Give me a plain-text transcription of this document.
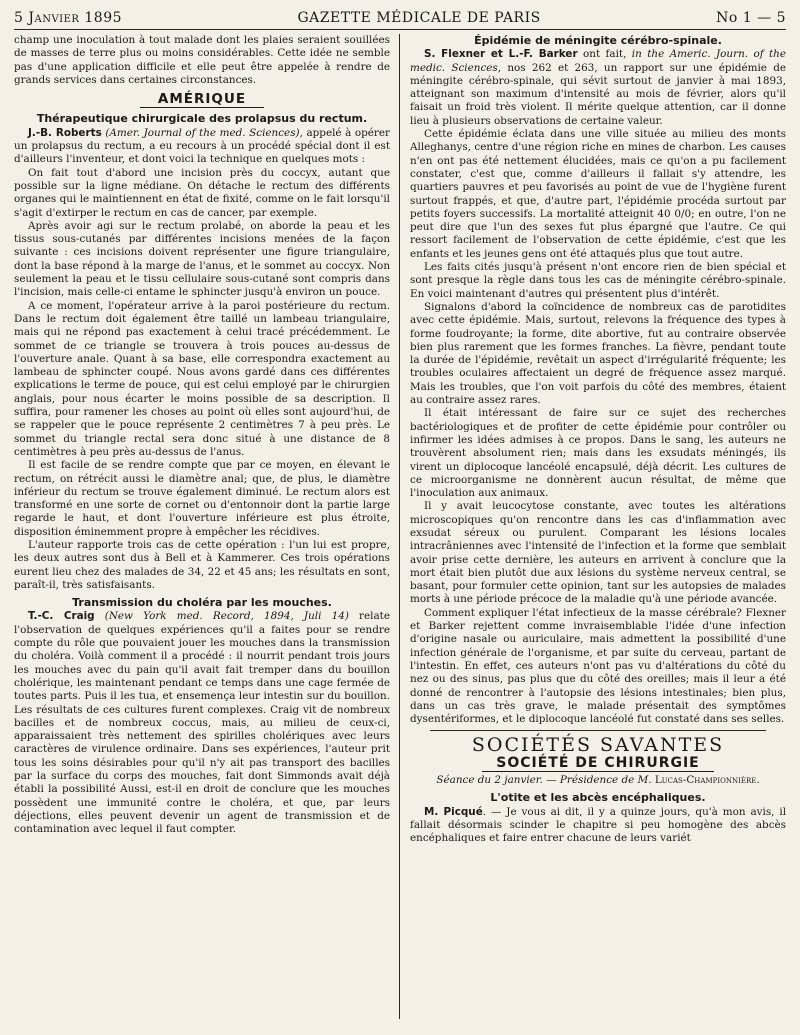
5 Janvier 1895	GAZETTE MÉDICALE DE PARIS	No 1 — 5

champ une inoculation à tout malade dont les plaies seraient souillées de masses de terre plus ou moins considérables. Cette idée ne semble pas d'une application difficile et elle peut être appelée à rendre de grands services dans certaines circonstances.

AMÉRIQUE
Thérapeutique chirurgicale des prolapsus du rectum.

J.-B. Roberts (Amer. Journal of the med. Sciences), appelé à opérer un prolapsus du rectum, a eu recours à un procédé spécial dont il est d'ailleurs l'inventeur, et dont voici la technique en quelques mots :

On fait tout d'abord une incision près du coccyx, autant que possible sur la ligne médiane. On détache le rectum des différents organes qui le maintiennent en état de fixité, comme on le fait lorsqu'il s'agit d'extirper le rectum en cas de cancer, par exemple.

Après avoir agi sur le rectum prolabé, on aborde la peau et les tissus sous-cutanés par différentes incisions menées de la façon suivante : ces incisions doivent représenter une figure triangulaire, dont la base répond à la marge de l'anus, et le sommet au coccyx. Non seulement la peau et le tissu cellulaire sous-cutané sont compris dans l'incision, mais celle-ci entame le sphincter jusqu'à environ un pouce.

A ce moment, l'opérateur arrive à la paroi postérieure du rectum. Dans le rectum doit également être taillé un lambeau triangulaire, mais qui ne répond pas exactement à celui tracé précédemment. Le sommet de ce triangle se trouvera à trois pouces au-dessus de l'ouverture anale. Quant à sa base, elle correspondra exactement au lambeau de sphincter coupé. Nous avons gardé dans ces différentes explications le terme de pouce, qui est celui employé par le chirurgien anglais, pour nous écarter le moins possible de sa description. Il suffira, pour ramener les choses au point où elles sont aujourd'hui, de se rappeler que le pouce représente 2 centimètres 7 à peu près. Le sommet du triangle rectal sera donc situé à une distance de 8 centimètres à peu près au-dessus de l'anus.

Il est facile de se rendre compte que par ce moyen, en élevant le rectum, on rétrécit aussi le diamètre anal; que, de plus, le diamètre inférieur du rectum se trouve également diminué. Le rectum alors est transformé en une sorte de cornet ou d'entonnoir dont la partie large regarde le haut, et dont l'ouverture inférieure est plus étroite, disposition éminemment propre à empêcher les récidives.

L'auteur rapporte trois cas de cette opération : l'un lui est propre, les deux autres sont dus à Bell et à Kammerer. Ces trois opérations eurent lieu chez des malades de 34, 22 et 45 ans; les résultats en sont, paraît-il, très satisfaisants.

Transmission du choléra par les mouches.

T.-C. Craig (New York med. Record, 1894, Juli 14) relate l'observation de quelques expériences qu'il a faites pour se rendre compte du rôle que pouvaient jouer les mouches dans la transmission du choléra. Voilà comment il a procédé : il nourrit pendant trois jours les mouches avec du pain qu'il avait fait tremper dans du bouillon cholérique, les maintenant pendant ce temps dans une cage fermée de toutes parts. Puis il les tua, et ensemença leur intestin sur du bouillon. Les résultats de ces cultures furent complexes. Craig vit de nombreux bacilles et de nombreux coccus, mais, au milieu de ceux-ci, apparaissaient très nettement des spirilles cholériques avec leurs caractères de virulence ordinaire. Dans ses expériences, l'auteur prit tous les soins désirables pour qu'il n'y ait pas transport des bacilles par la surface du corps des mouches, fait dont Simmonds avait déjà établi la possibilité Aussi, est-il en droit de conclure que les mouches possèdent une immunité contre le choléra, et que, par leurs déjections, elles peuvent devenir un agent de transmission et de contamination avec lequel il faut compter.

Épidémie de méningite cérébro-spinale.

S. Flexner et L.-F. Barker ont fait, in the Americ. Journ. of the medic. Sciences, nos 262 et 263, un rapport sur une épidémie de méningite cérébro-spinale, qui sévit surtout de janvier à mai 1893, atteignant son maximum d'intensité au mois de février, alors qu'il faisait un froid très violent. Il mérite quelque attention, car il donne lieu à plusieurs observations de certaine valeur.

Cette épidémie éclata dans une ville située au milieu des monts Alleghanys, centre d'une région riche en mines de charbon. Les causes n'en ont pas été nettement élucidées, mais ce qu'on a pu facilement constater, c'est que, comme d'ailleurs il fallait s'y attendre, les quartiers pauvres et peu favorisés au point de vue de l'hygiène furent surtout frappés, et que, d'autre part, l'épidémie procéda surtout par petits foyers successifs. La mortalité atteignit 40 0/0; en outre, l'on ne peut dire que l'un des sexes fut plus épargné que l'autre. Ce qui ressort facilement de l'observation de cette épidémie, c'est que les enfants et les jeunes gens ont été attaqués plus que tout autre.

Les faits cités jusqu'à présent n'ont encore rien de bien spécial et sont presque la règle dans tous les cas de méningite cérébro-spinale. En voici maintenant d'autres qui présentent plus d'intérêt.

Signalons d'abord la coïncidence de nombreux cas de parotidites avec cette épidémie. Mais, surtout, relevons la fréquence des types à forme foudroyante; la forme, dite abortive, fut au contraire observée bien plus rarement que les formes franches. La fièvre, pendant toute la durée de l'épidémie, revêtait un aspect d'irrégularité fréquente; les troubles oculaires affectaient un degré de fréquence assez marqué. Mais les troubles, que l'on voit parfois du côté des membres, étaient au contraire assez rares.

Il était intéressant de faire sur ce sujet des recherches bactériologiques et de profiter de cette épidémie pour contrôler ou infirmer les idées admises à ce propos. Dans le sang, les auteurs ne trouvèrent absolument rien; mais dans les exsudats méningés, ils virent un diplocoque lancéolé encapsulé, déjà décrit. Les cultures de ce microorganisme ne donnèrent aucun résultat, de même que l'inoculation aux animaux.

Il y avait leucocytose constante, avec toutes les altérations microscopiques qu'on rencontre dans les cas d'inflammation avec exsudat séreux ou purulent. Comparant les lésions locales intracrâniennes avec l'intensité de l'infection et la forme que semblait avoir prise cette dernière, les auteurs en arrivent à conclure que la mort était bien plutôt due aux lésions du système nerveux central, se basant, pour formuler cette opinion, tant sur les autopsies de malades morts à une période précoce de la maladie qu'à une période avancée.

Comment expliquer l'état infectieux de la masse cérébrale? Flexner et Barker rejettent comme invraisemblable l'idée d'une infection d'origine nasale ou auriculaire, mais admettent la possibilité d'une infection générale de l'organisme, et par suite du cerveau, partant de l'intestin. En effet, ces auteurs n'ont pas vu d'altérations du côté du nez ou des sinus, pas plus que du côté des oreilles; mais il leur a été donné de rencontrer à l'autopsie des lésions intestinales; bien plus, dans un cas très grave, le malade présentait des symptômes dysentériformes, et le diplocoque lancéolé fut constaté dans ses selles.

SOCIÉTÉS SAVANTES
SOCIÉTÉ DE CHIRURGIE
Séance du 2 janvier. — Présidence de M. Lucas-Championnière.
L'otite et les abcès encéphaliques.

M. Picqué. — Je vous ai dit, il y a quinze jours, qu'à mon avis, il fallait désormais scinder le chapitre si peu homogène des abcès encéphaliques et faire entrer chacune de leurs variét
